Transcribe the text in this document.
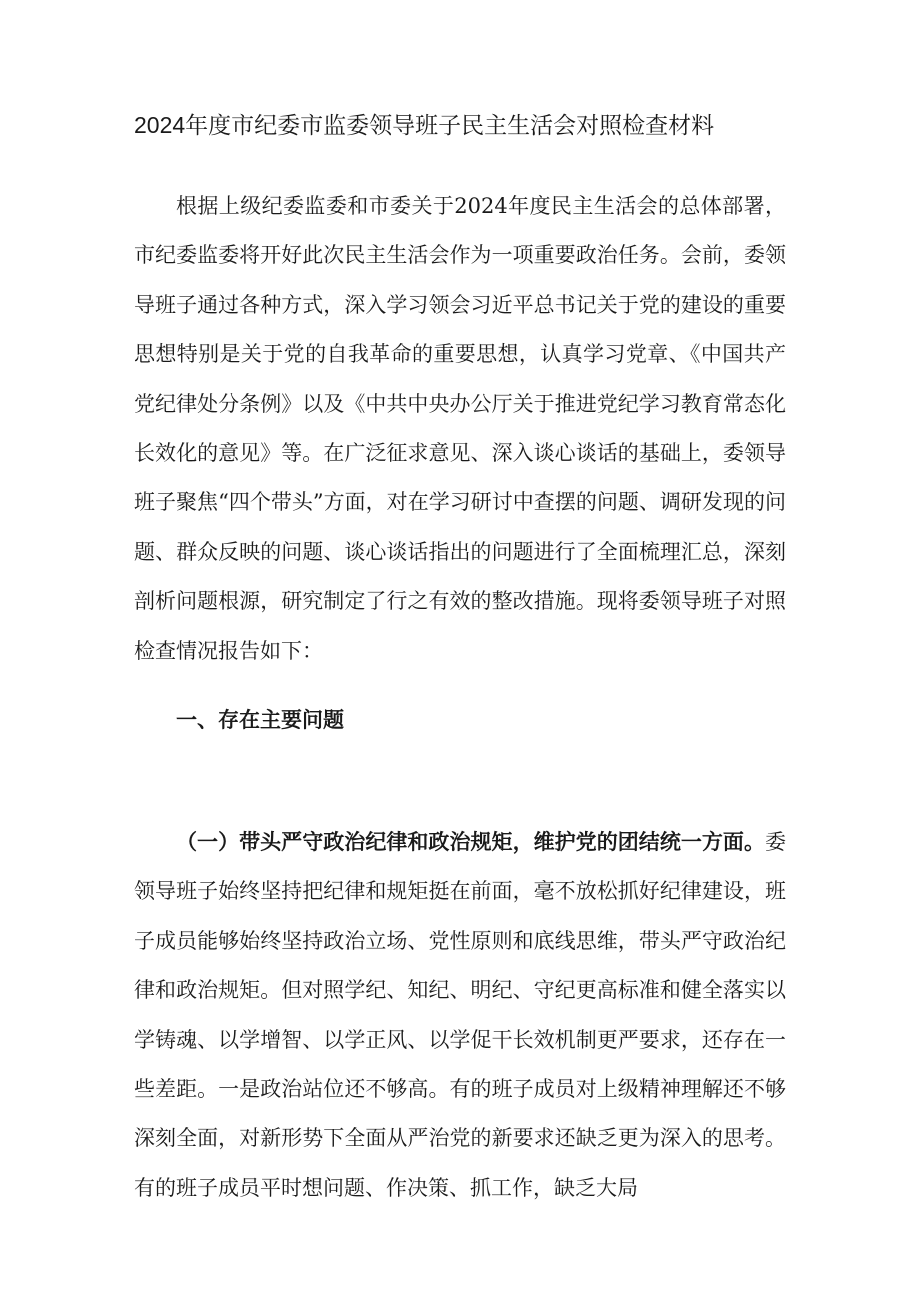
2024年度市纪委市监委领导班子民主生活会对照检查材料

根据上级纪委监委和市委关于2024年度民主生活会的总体部署，市纪委监委将开好此次民主生活会作为一项重要政治任务。会前，委领导班子通过各种方式，深入学习领会习近平总书记关于党的建设的重要思想特别是关于党的自我革命的重要思想，认真学习党章、《中国共产党纪律处分条例》以及《中共中央办公厅关于推进党纪学习教育常态化长效化的意见》等。在广泛征求意见、深入谈心谈话的基础上，委领导班子聚焦“四个带头”方面，对在学习研讨中查摆的问题、调研发现的问题、群众反映的问题、谈心谈话指出的问题进行了全面梳理汇总，深刻剖析问题根源，研究制定了行之有效的整改措施。现将委领导班子对照检查情况报告如下：

一、存在主要问题

（一）带头严守政治纪律和政治规矩，维护党的团结统一方面。委领导班子始终坚持把纪律和规矩挺在前面，毫不放松抓好纪律建设，班子成员能够始终坚持政治立场、党性原则和底线思维，带头严守政治纪律和政治规矩。但对照学纪、知纪、明纪、守纪更高标准和健全落实以学铸魂、以学增智、以学正风、以学促干长效机制更严要求，还存在一些差距。一是政治站位还不够高。有的班子成员对上级精神理解还不够深刻全面，对新形势下全面从严治党的新要求还缺乏更为深入的思考。有的班子成员平时想问题、作决策、抓工作，缺乏大局
